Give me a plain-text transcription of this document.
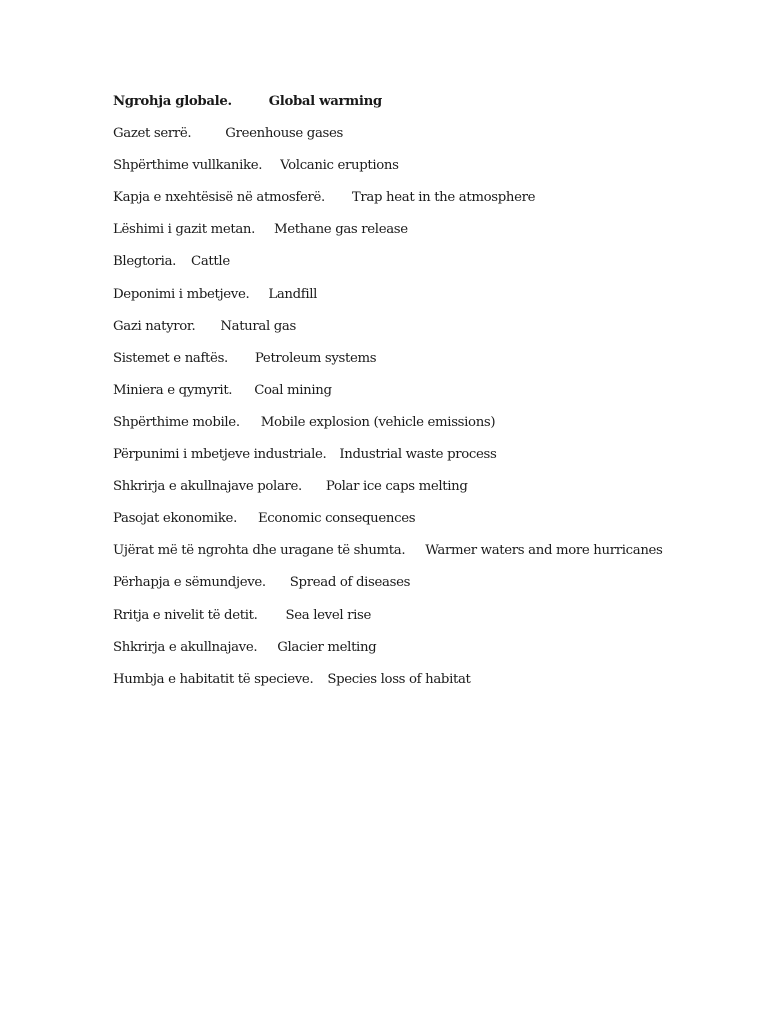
Ngrohja globale.	Global warming
Gazet serrë.	Greenhouse gases
Shpërthime vullkanike. Volcanic eruptions
Kapja e nxehtësisë në atmosferë. Trap heat in the atmosphere
Lëshimi i gazit metan. Methane gas release
Blegtoria. Cattle
Deponimi i mbetjeve. Landfill
Gazi natyror. Natural gas
Sistemet e naftës. Petroleum systems
Miniera e qymyrit. Coal mining
Shpërthime mobile. Mobile explosion (vehicle emissions)
Përpunimi i mbetjeve industriale. Industrial waste process
Shkrirja e akullnajave polare. Polar ice caps melting
Pasojat ekonomike. Economic consequences
Ujërat më të ngrohta dhe uragane të shumta. Warmer waters and more hurricanes
Përhapja e sëmundjeve. Spread of diseases
Rritja e nivelit të detit. Sea level rise
Shkrirja e akullnajave. Glacier melting
Humbja e habitatit të specieve. Species loss of habitat
